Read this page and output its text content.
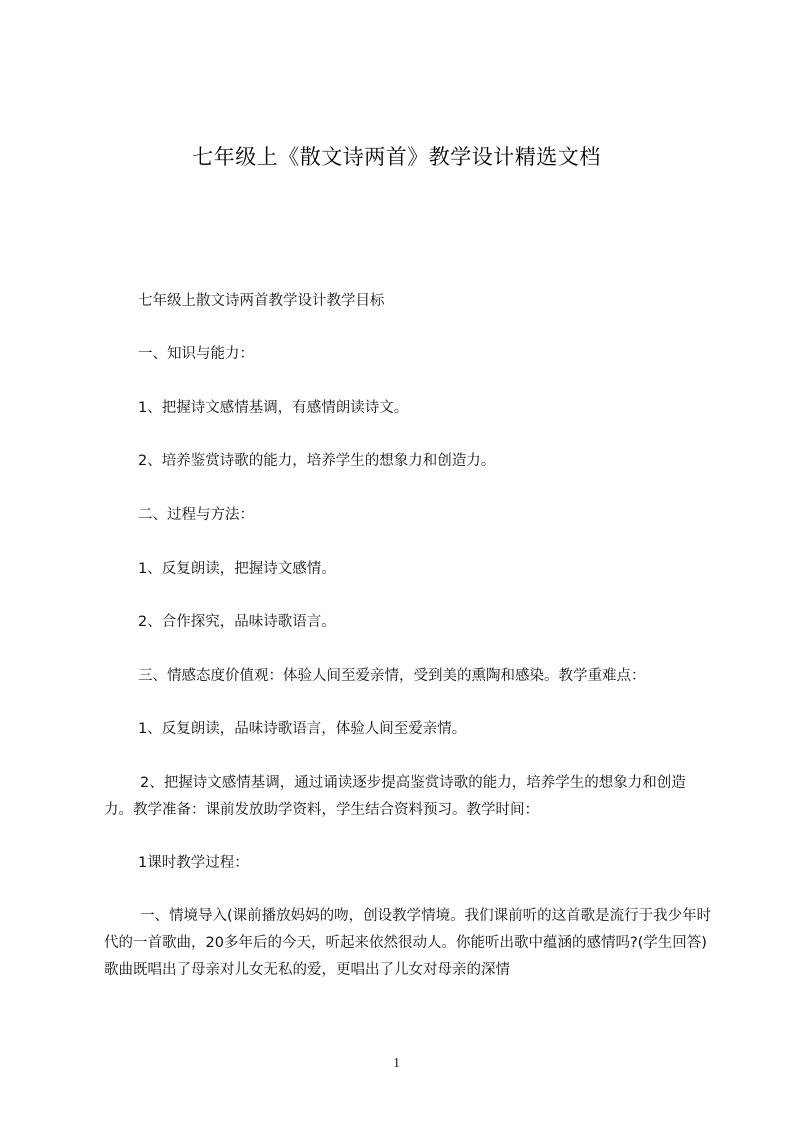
七年级上《散文诗两首》教学设计精选文档
七年级上散文诗两首教学设计教学目标
一、知识与能力：
1、把握诗文感情基调，有感情朗读诗文。
2、培养鉴赏诗歌的能力，培养学生的想象力和创造力。
二、过程与方法：
1、反复朗读，把握诗文感情。
2、合作探究，品味诗歌语言。
三、情感态度价值观：体验人间至爱亲情，受到美的熏陶和感染。教学重难点：
1、反复朗读，品味诗歌语言，体验人间至爱亲情。
2、把握诗文感情基调，通过诵读逐步提高鉴赏诗歌的能力，培养学生的想象力和创造力。教学准备：课前发放助学资料，学生结合资料预习。教学时间：
1课时教学过程：
一、情境导入(课前播放妈妈的吻，创设教学情境。我们课前听的这首歌是流行于我少年时代的一首歌曲，20多年后的今天，听起来依然很动人。你能听出歌中蕴涵的感情吗?(学生回答)歌曲既唱出了母亲对儿女无私的爱，更唱出了儿女对母亲的深情
1
